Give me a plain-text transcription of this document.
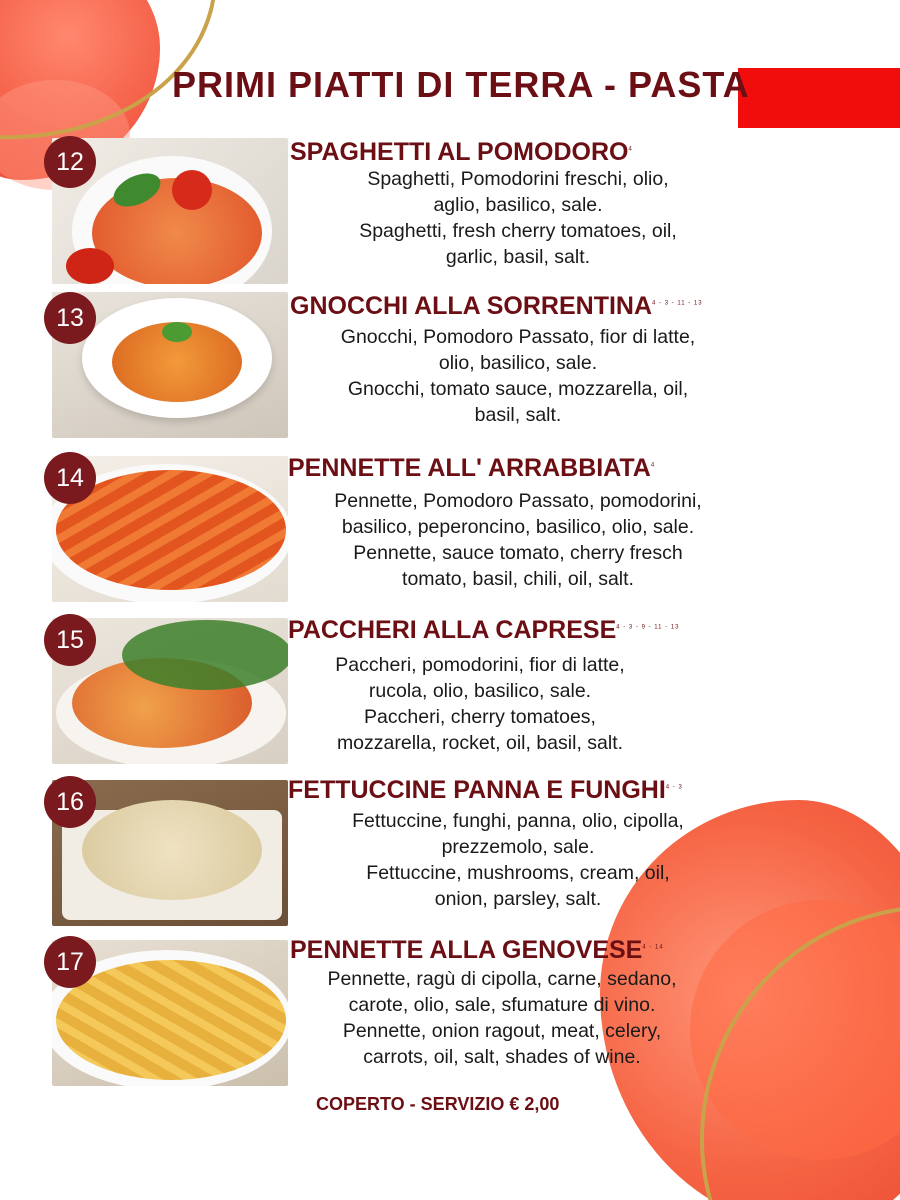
PRIMI PIATTI DI TERRA - PASTA
12	SPAGHETTI AL POMODORO$^4$
Spaghetti, Pomodorini freschi, olio,
aglio, basilico, sale.
Spaghetti, fresh cherry tomatoes, oil,
garlic, basil, salt.
13	GNOCCHI ALLA SORRENTINA$^{4 - 3 - 11 - 13}$
Gnocchi, Pomodoro Passato, fior di latte,
olio, basilico, sale.
Gnocchi, tomato sauce, mozzarella, oil,
basil, salt.
14	PENNETTE ALL' ARRABBIATA$^4$
Pennette, Pomodoro Passato, pomodorini,
basilico, peperoncino, basilico, olio, sale.
Pennette, sauce tomato, cherry fresch
tomato, basil, chili, oil, salt.
15	PACCHERI ALLA CAPRESE$^{4 - 3 - 9 - 11 - 13}$
Paccheri, pomodorini, fior di latte,
rucola, olio, basilico, sale.
Paccheri, cherry tomatoes,
mozzarella, rocket, oil, basil, salt.
16	FETTUCCINE PANNA E FUNGHI$^{4 - 3}$
Fettuccine, funghi, panna, olio, cipolla,
prezzemolo, sale.
Fettuccine, mushrooms, cream, oil,
onion, parsley, salt.
17	PENNETTE ALLA GENOVESE$^{4 - 14}$
Pennette, ragù di cipolla, carne, sedano,
carote, olio, sale, sfumature di vino.
Pennette, onion ragout, meat, celery,
carrots, oil, salt, shades of wine.
COPERTO - SERVIZIO € 2,00
